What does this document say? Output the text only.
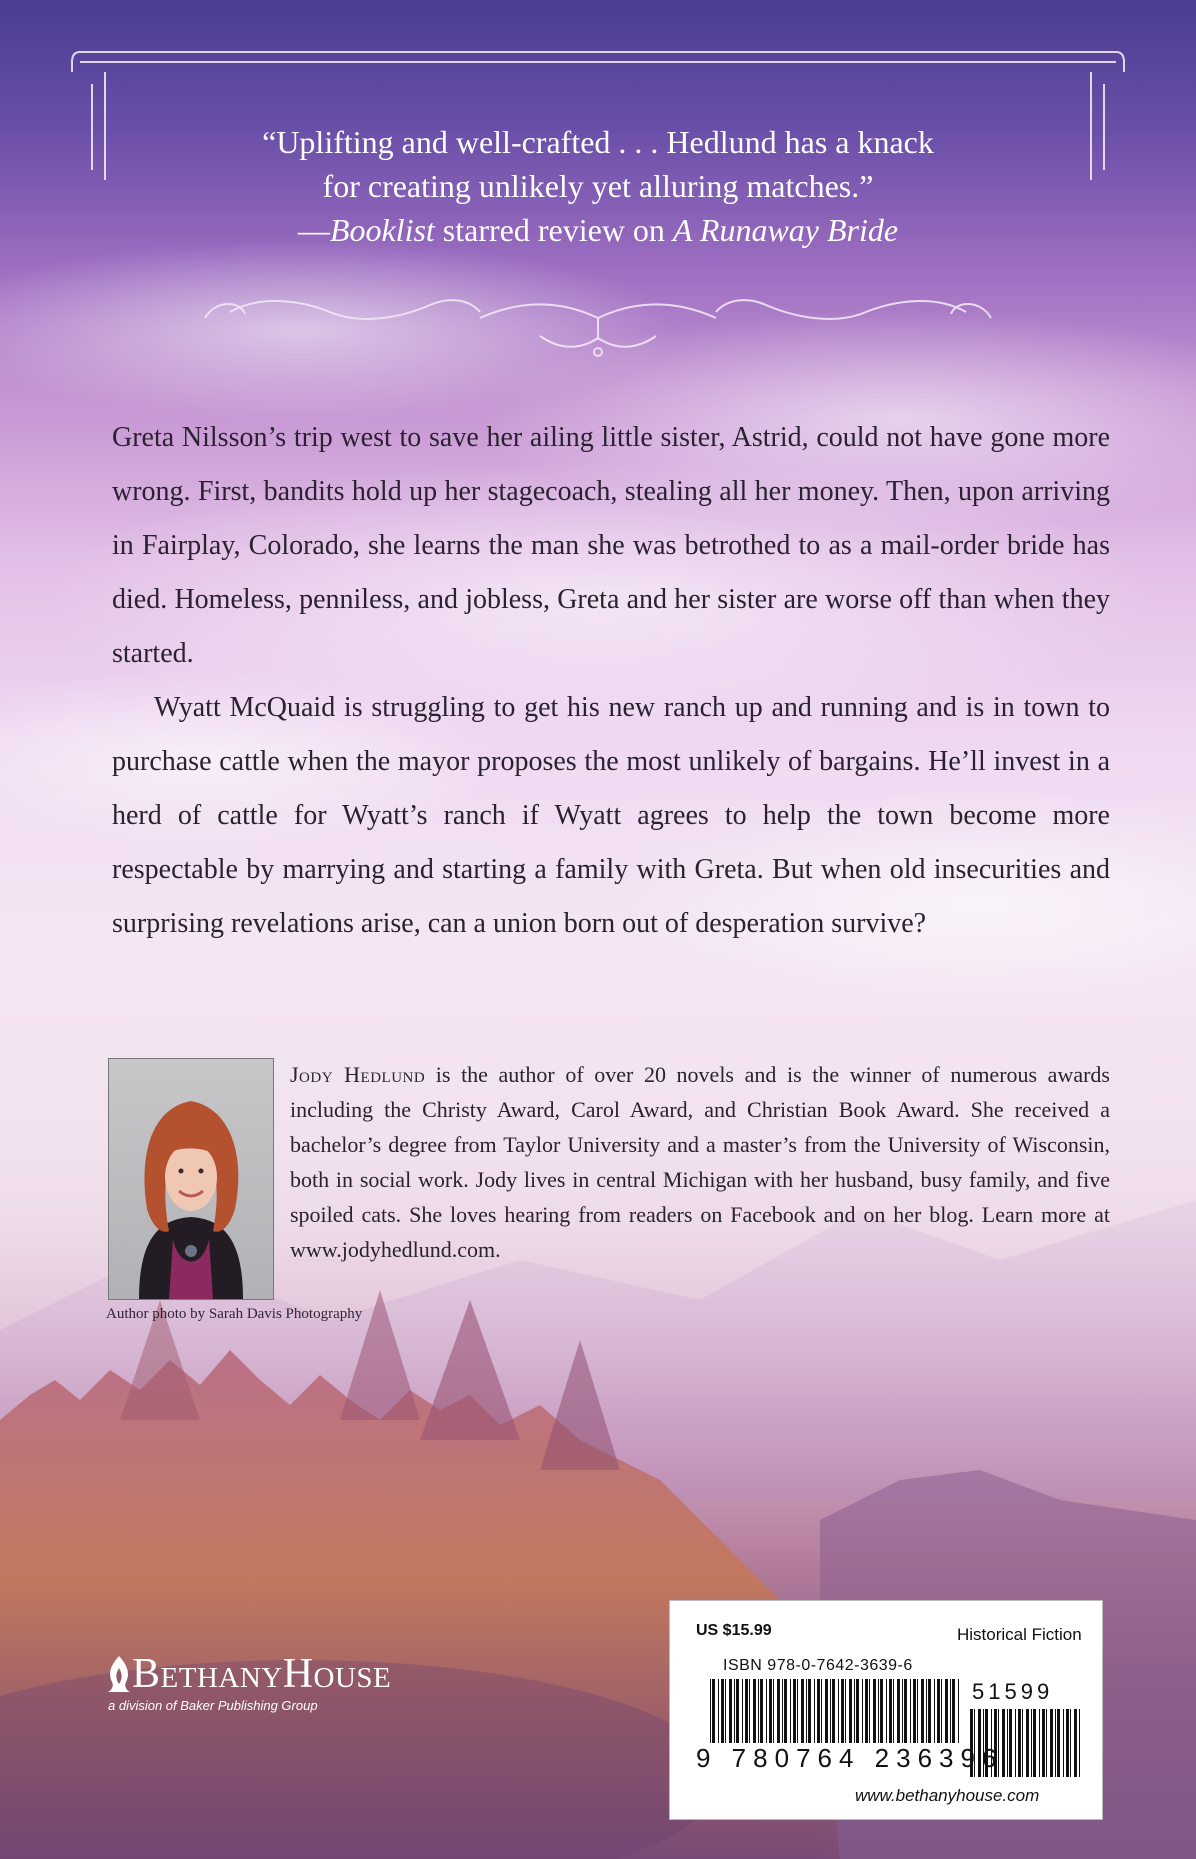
“Uplifting and well-crafted . . . Hedlund has a knack

for creating unlikely yet alluring matches.”

—Booklist starred review on A Runaway Bride

Greta Nilsson’s trip west to save her ailing little sister, Astrid, could not have gone more wrong. First, bandits hold up her stagecoach, stealing all her money. Then, upon arriving in Fairplay, Colorado, she learns the man she was betrothed to as a mail-order bride has died. Homeless, penniless, and jobless, Greta and her sister are worse off than when they started.

Wyatt McQuaid is struggling to get his new ranch up and running and is in town to purchase cattle when the mayor proposes the most unlikely of bargains. He’ll invest in a herd of cattle for Wyatt’s ranch if Wyatt agrees to help the town become more respectable by marrying and starting a family with Greta. But when old insecurities and surprising revelations arise, can a union born out of desperation survive?

Jody Hedlund is the author of over 20 novels and is the winner of numerous awards including the Christy Award, Carol Award, and Christian Book Award. She received a bachelor’s degree from Taylor University and a master’s from the University of Wisconsin, both in social work. Jody lives in central Michigan with her husband, busy family, and five spoiled cats. She loves hearing from readers on Facebook and on her blog. Learn more at www.jodyhedlund.com.

Author photo by Sarah Davis Photography
BethanyHouse
a division of Baker Publishing Group
US $15.99	Historical Fiction
ISBN 978-0-7642-3639-6
51599
9 780764 236396
www.bethanyhouse.com
